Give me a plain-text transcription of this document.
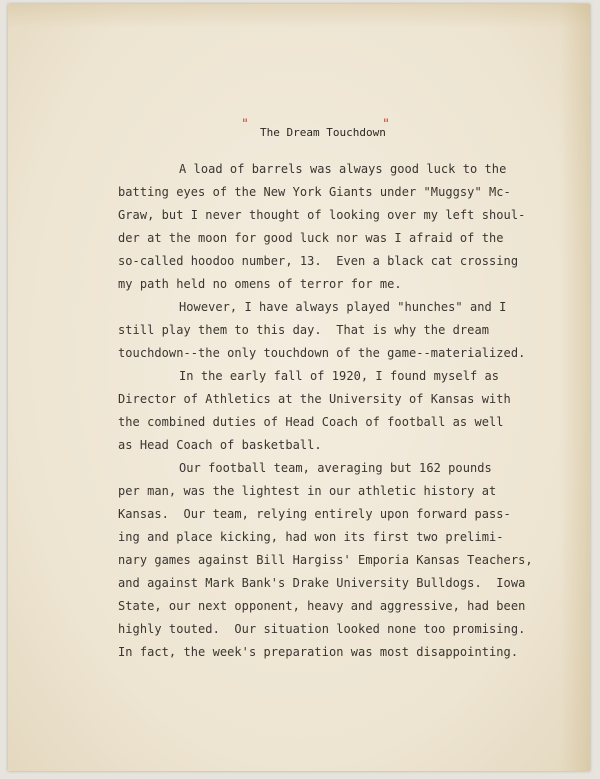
"	"
The Dream Touchdown
A load of barrels was always good luck to the
batting eyes of the New York Giants under "Muggsy" Mc-
Graw, but I never thought of looking over my left shoul-
der at the moon for good luck nor was I afraid of the
so-called hoodoo number, 13.  Even a black cat crossing
my path held no omens of terror for me.
However, I have always played "hunches" and I
still play them to this day.  That is why the dream
touchdown--the only touchdown of the game--materialized.
In the early fall of 1920, I found myself as
Director of Athletics at the University of Kansas with
the combined duties of Head Coach of football as well
as Head Coach of basketball.
Our football team, averaging but 162 pounds
per man, was the lightest in our athletic history at
Kansas.  Our team, relying entirely upon forward pass-
ing and place kicking, had won its first two prelimi-
nary games against Bill Hargiss' Emporia Kansas Teachers,
and against Mark Bank's Drake University Bulldogs.  Iowa
State, our next opponent, heavy and aggressive, had been
highly touted.  Our situation looked none too promising.
In fact, the week's preparation was most disappointing.
